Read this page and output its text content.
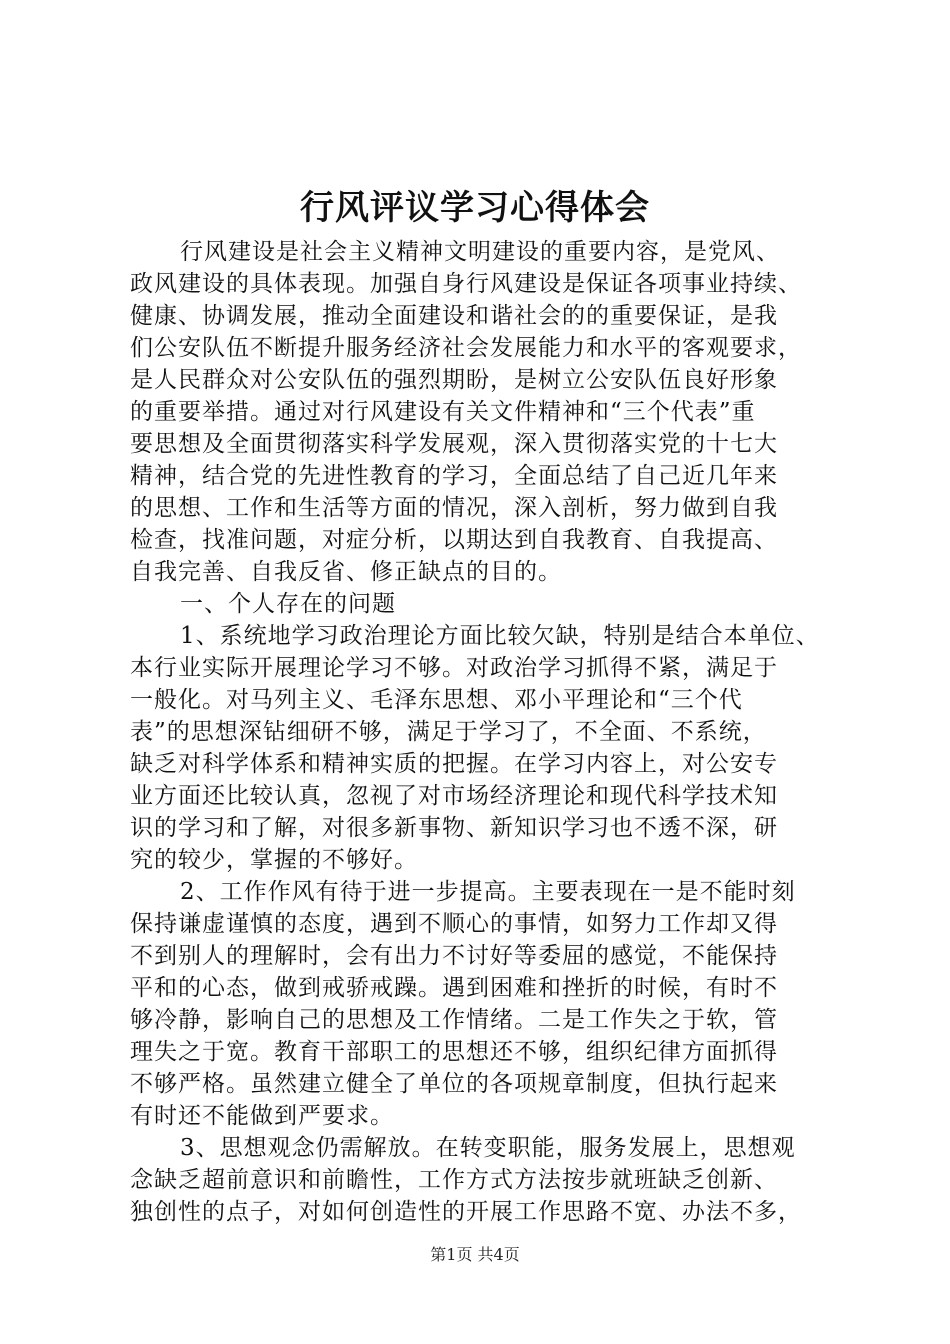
行风评议学习心得体会
行风建设是社会主义精神文明建设的重要内容，是党风、
政风建设的具体表现。加强自身行风建设是保证各项事业持续、
健康、协调发展，推动全面建设和谐社会的的重要保证，是我
们公安队伍不断提升服务经济社会发展能力和水平的客观要求，
是人民群众对公安队伍的强烈期盼，是树立公安队伍良好形象
的重要举措。通过对行风建设有关文件精神和“三个代表”重
要思想及全面贯彻落实科学发展观，深入贯彻落实党的十七大
精神，结合党的先进性教育的学习，全面总结了自己近几年来
的思想、工作和生活等方面的情况，深入剖析，努力做到自我
检查，找准问题，对症分析，以期达到自我教育、自我提高、
自我完善、自我反省、修正缺点的目的。
一、个人存在的问题
1、系统地学习政治理论方面比较欠缺，特别是结合本单位、
本行业实际开展理论学习不够。对政治学习抓得不紧，满足于
一般化。对马列主义、毛泽东思想、邓小平理论和“三个代
表”的思想深钻细研不够，满足于学习了，不全面、不系统，
缺乏对科学体系和精神实质的把握。在学习内容上，对公安专
业方面还比较认真，忽视了对市场经济理论和现代科学技术知
识的学习和了解，对很多新事物、新知识学习也不透不深，研
究的较少，掌握的不够好。
2、工作作风有待于进一步提高。主要表现在一是不能时刻
保持谦虚谨慎的态度，遇到不顺心的事情，如努力工作却又得
不到别人的理解时，会有出力不讨好等委屈的感觉，不能保持
平和的心态，做到戒骄戒躁。遇到困难和挫折的时候，有时不
够冷静，影响自己的思想及工作情绪。二是工作失之于软，管
理失之于宽。教育干部职工的思想还不够，组织纪律方面抓得
不够严格。虽然建立健全了单位的各项规章制度，但执行起来
有时还不能做到严要求。
3、思想观念仍需解放。在转变职能，服务发展上，思想观
念缺乏超前意识和前瞻性，工作方式方法按步就班缺乏创新、
独创性的点子，对如何创造性的开展工作思路不宽、办法不多，
第1页 共4页
